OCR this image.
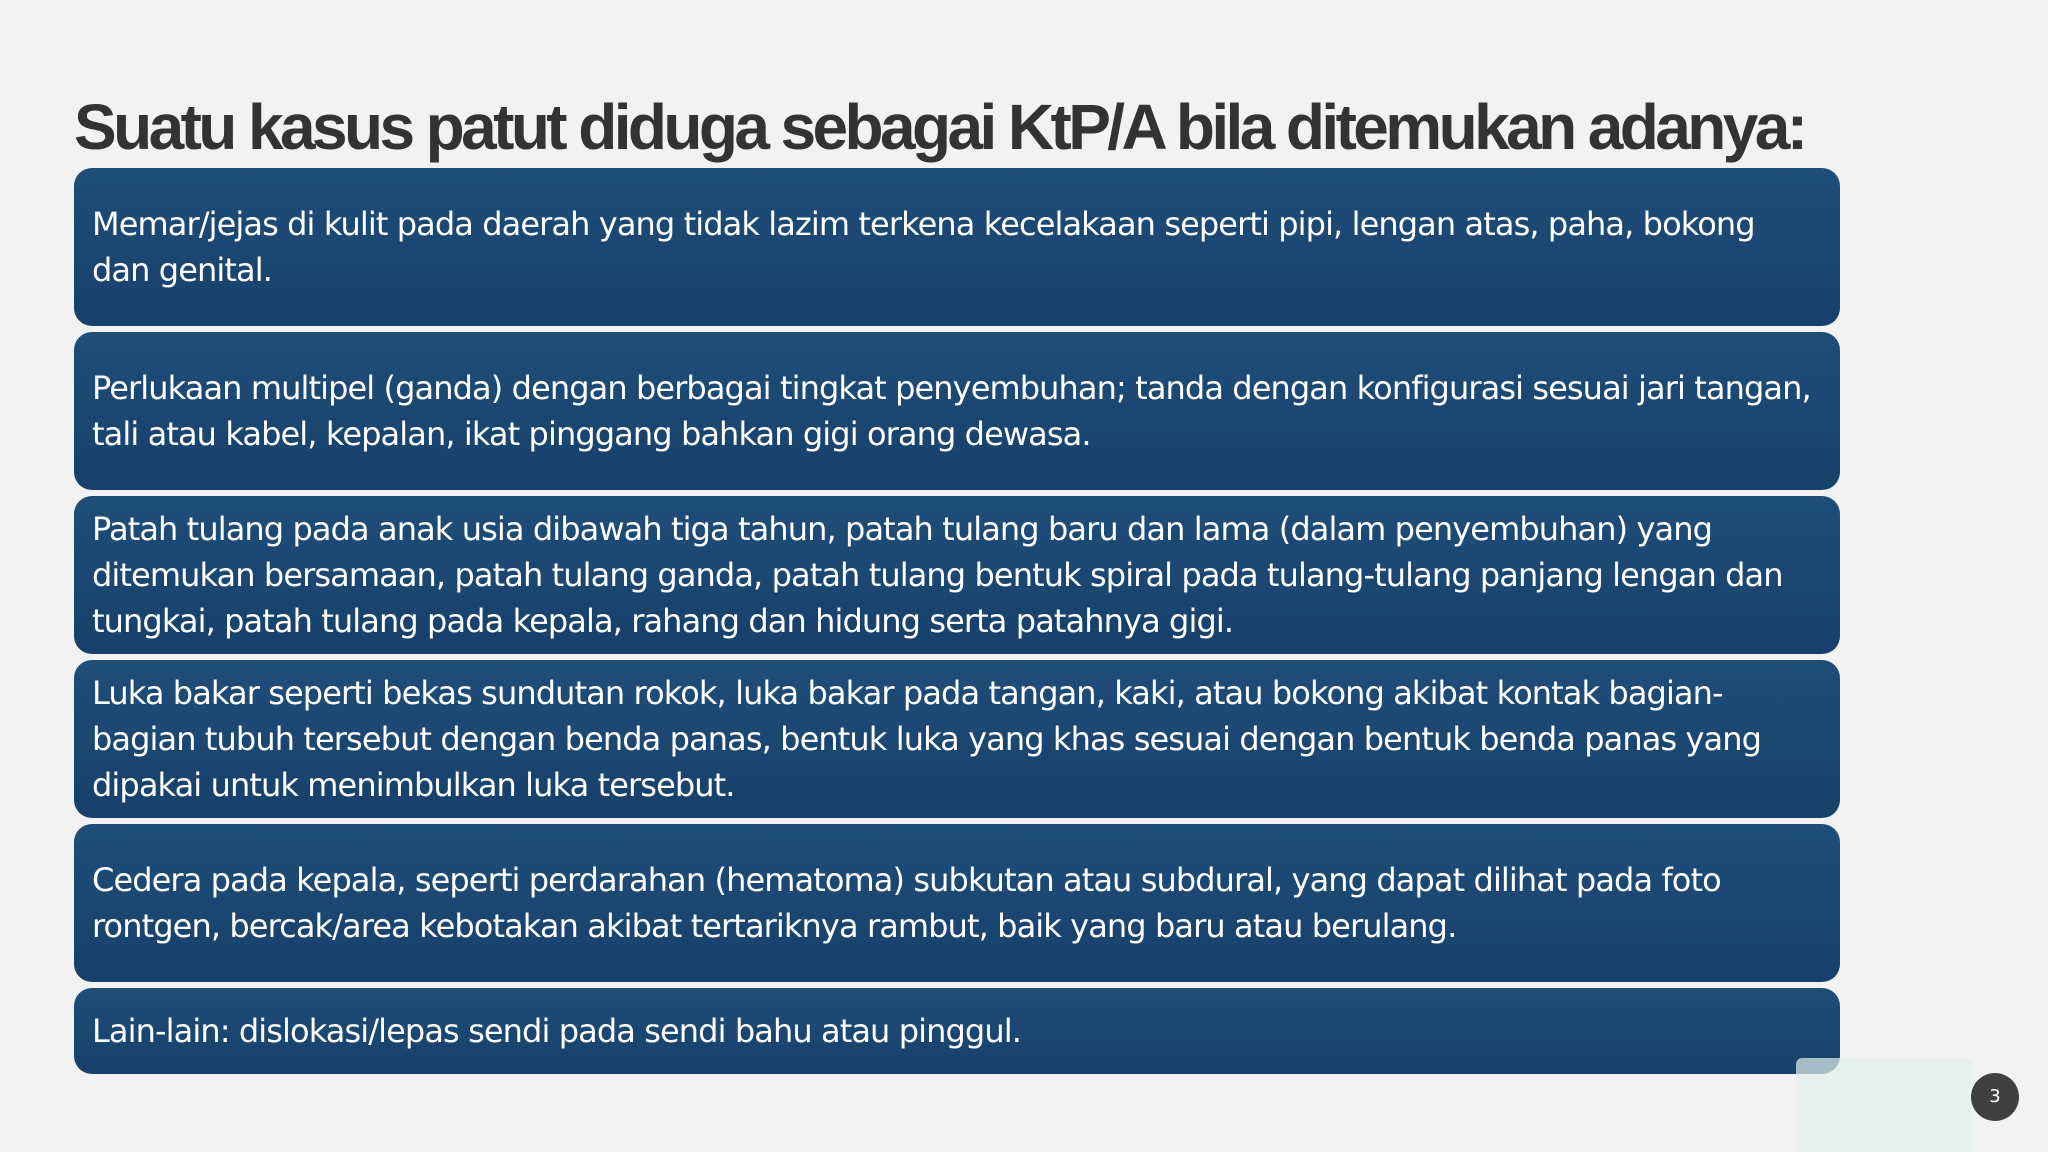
Suatu kasus patut diduga sebagai KtP/A bila ditemukan adanya:
Memar/jejas di kulit pada daerah yang tidak lazim terkena kecelakaan seperti pipi, lengan atas, paha, bokong dan genital.
Perlukaan multipel (ganda) dengan berbagai tingkat penyembuhan; tanda dengan konfigurasi sesuai jari tangan, tali atau kabel, kepalan, ikat pinggang bahkan gigi orang dewasa.
Patah tulang pada anak usia dibawah tiga tahun, patah tulang baru dan lama (dalam penyembuhan) yang ditemukan bersamaan, patah tulang ganda, patah tulang bentuk spiral pada tulang-tulang panjang lengan dan tungkai, patah tulang pada kepala, rahang dan hidung serta patahnya gigi.
Luka bakar seperti bekas sundutan rokok, luka bakar pada tangan, kaki, atau bokong akibat kontak bagian-bagian tubuh tersebut dengan benda panas, bentuk luka yang khas sesuai dengan bentuk benda panas yang dipakai untuk menimbulkan luka tersebut.
Cedera pada kepala, seperti perdarahan (hematoma) subkutan atau subdural, yang dapat dilihat pada foto rontgen, bercak/area kebotakan akibat tertariknya rambut, baik yang baru atau berulang.
Lain-lain: dislokasi/lepas sendi pada sendi bahu atau pinggul.
3
